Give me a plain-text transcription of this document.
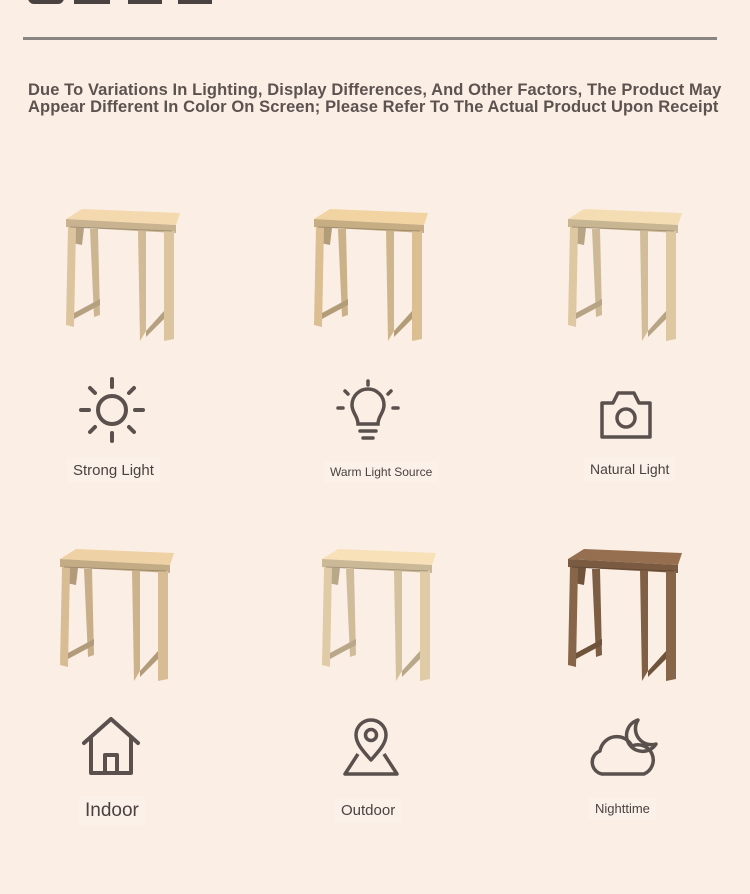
Due To Variations In Lighting, Display Differences, And Other Factors, The Product May
Appear Different In Color On Screen; Please Refer To The Actual Product Upon Receipt
Strong Light	Warm Light Source	Natural Light
Indoor	Outdoor	Nighttime
